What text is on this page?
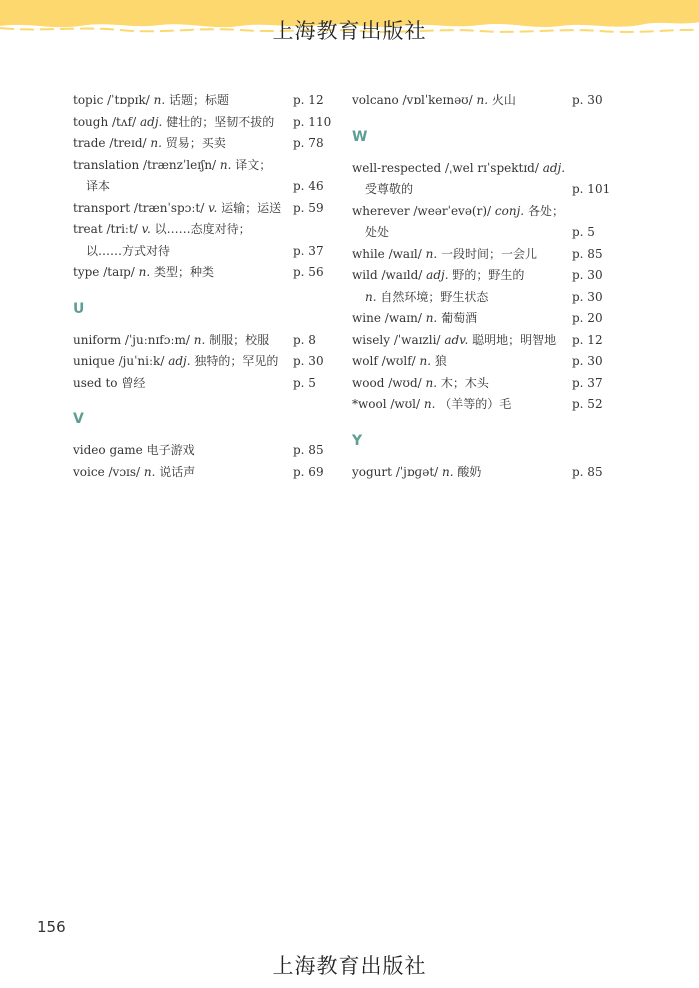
上海教育出版社
topic /ˈtɒpɪk/ n. 话题；标题	p. 12
tough /tʌf/ adj. 健壮的；坚韧不拔的 p. 110
trade /treɪd/ n. 贸易；买卖	p. 78
translation /trænzˈleɪʃn/ n. 译文；
译本	p. 46
transport /trænˈspɔːt/ v. 运输；运送 p. 59
treat /triːt/ v. 以……态度对待；
以……方式对待	p. 37
type /taɪp/ n. 类型；种类	p. 56
U
uniform /ˈjuːnɪfɔːm/ n. 制服；校服 p. 8
unique /juˈniːk/ adj. 独特的；罕见的 p. 30
used to 曾经	p. 5
V
video game 电子游戏	p. 85
voice /vɔɪs/ n. 说话声	p. 69
volcano /vɒlˈkeɪnəʊ/ n. 火山	p. 30
W
well-respected /ˌwel rɪˈspektɪd/ adj.
受尊敬的	p. 101
wherever /weərˈevə(r)/ conj. 各处；
处处	p. 5
while /waɪl/ n. 一段时间；一会儿	p. 85
wild /waɪld/ adj. 野的；野生的	p. 30
n. 自然环境；野生状态	p. 30
wine /waɪn/ n. 葡萄酒	p. 20
wisely /ˈwaɪzli/ adv. 聪明地；明智地 p. 12
wolf /wʊlf/ n. 狼	p. 30
wood /wʊd/ n. 木；木头	p. 37
*wool /wʊl/ n. （羊等的）毛	p. 52
Y
yogurt /ˈjɒɡət/ n. 酸奶	p. 85
156
上海教育出版社
